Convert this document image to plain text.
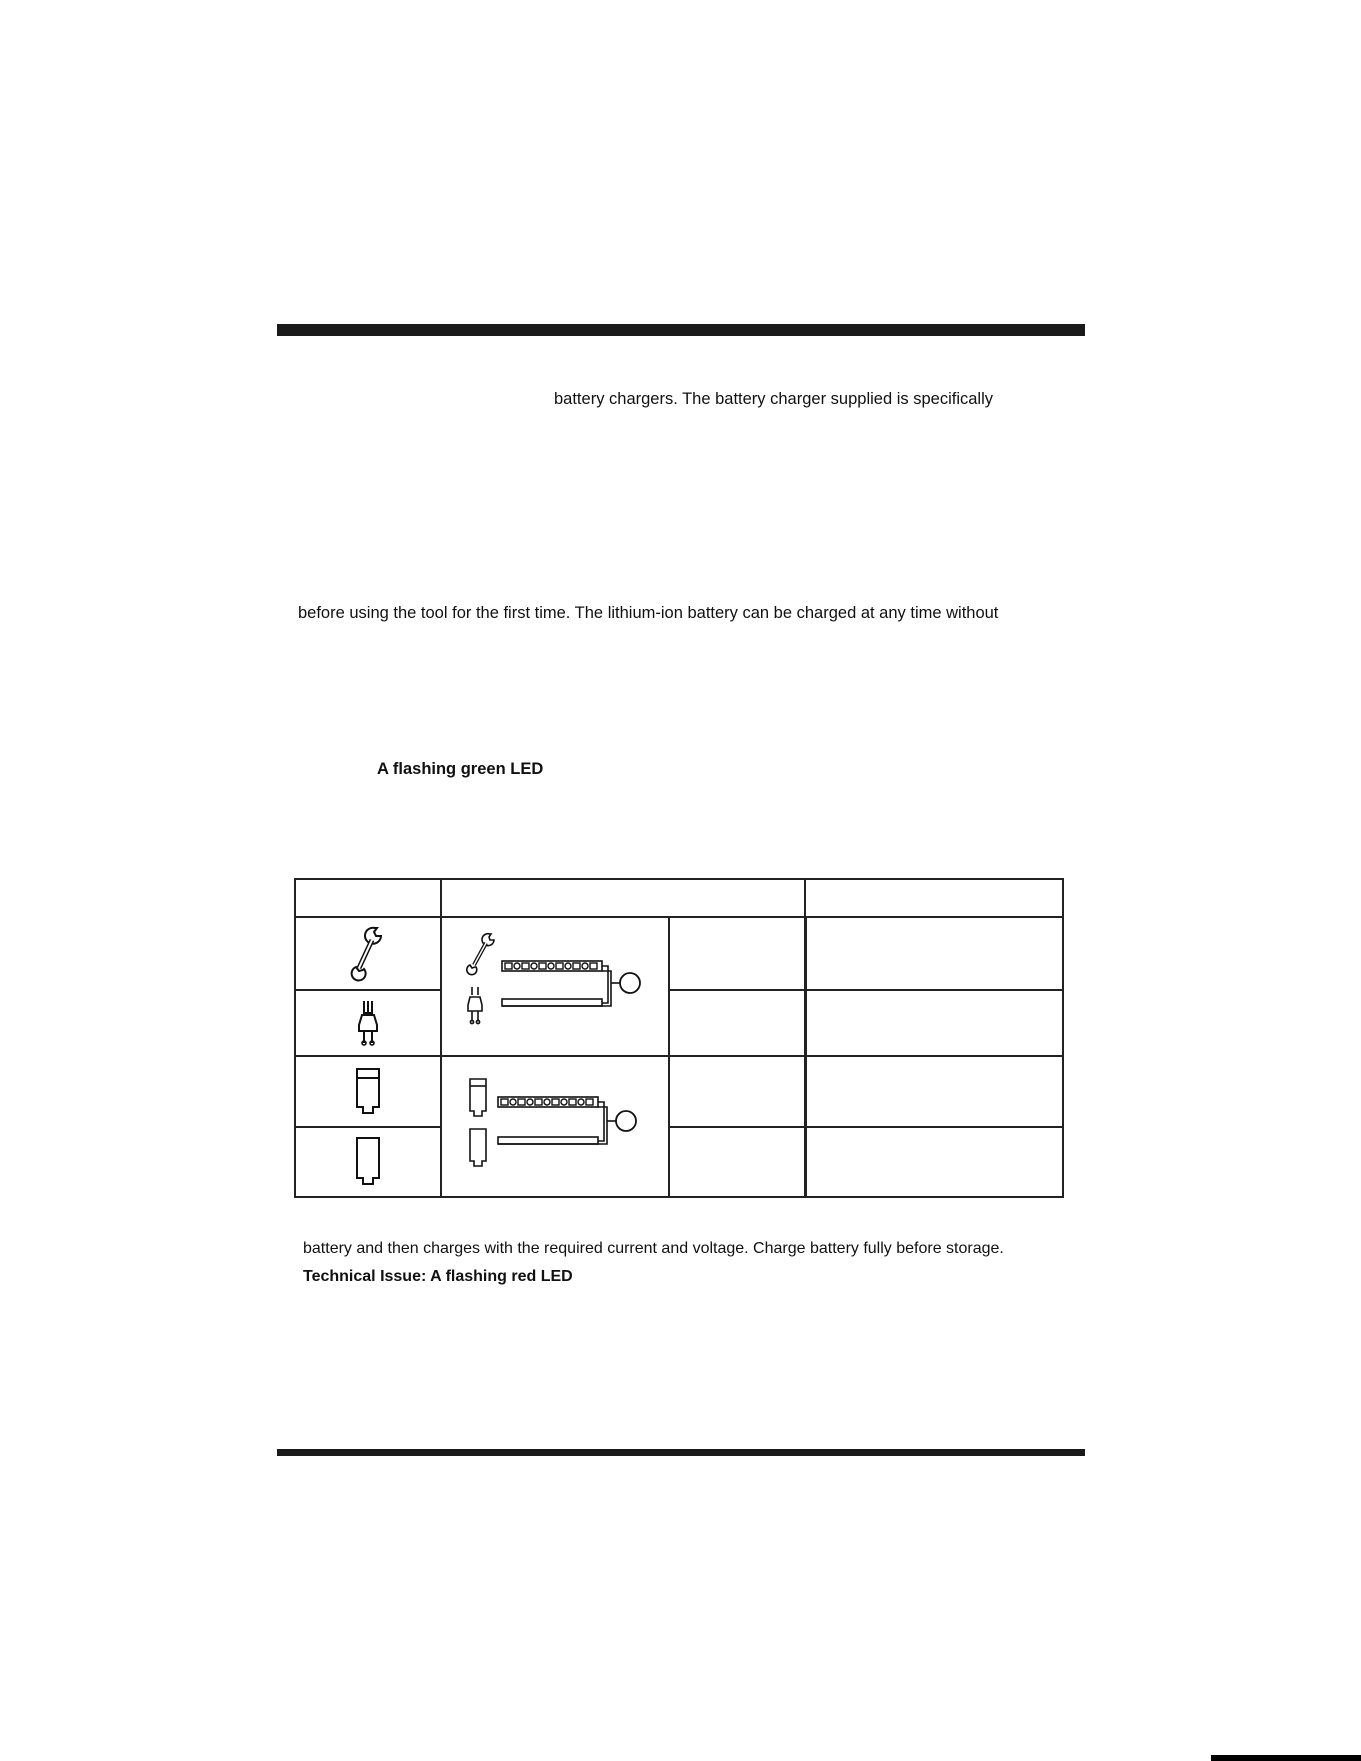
battery chargers. The battery charger supplied is specifically
before using the tool for the first time. The lithium-ion battery can be charged at any time without
A flashing green LED
battery and then charges with the required current and voltage. Charge battery fully before storage.
Technical Issue: A flashing red LED
